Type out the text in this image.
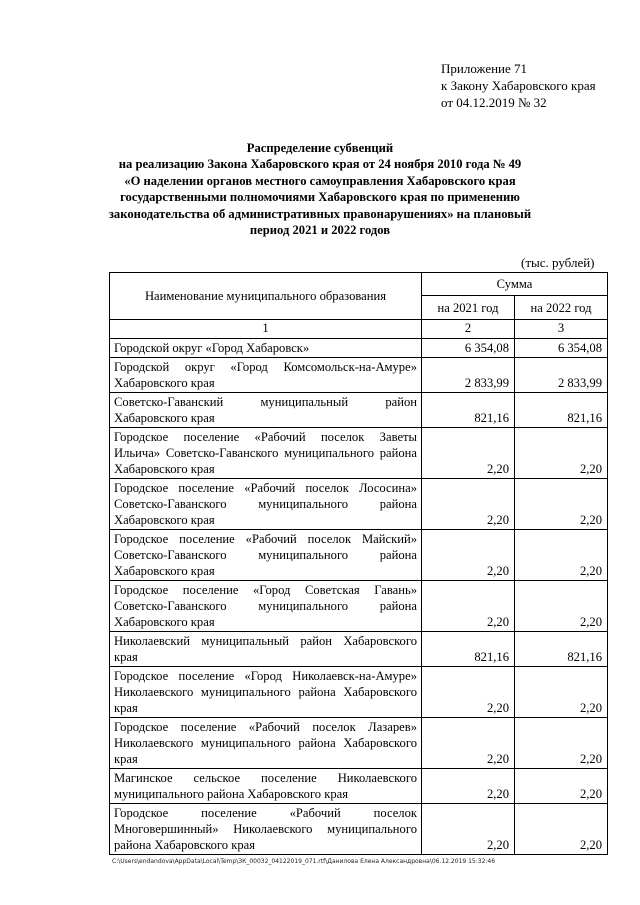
Приложение 71
к Закону Хабаровского края
от 04.12.2019 № 32
Распределение субвенций
на реализацию Закона Хабаровского края от 24 ноября 2010 года № 49
«О наделении органов местного самоуправления Хабаровского края
государственными полномочиями Хабаровского края по применению
законодательства об административных правонарушениях» на плановый
период 2021 и 2022 годов
(тыс. рублей)
Наименование муниципального образования	Сумма	
	на 2021 год	на 2022 год
1	2	3
Городской округ «Город Хабаровск»	6 354,08	6 354,08
Городской округ «Город Комсомольск-на-Амуре» Хабаровского края	2 833,99	2 833,99
Советско-Гаванский муниципальный район Хабаровского края	821,16	821,16
Городское поселение «Рабочий поселок Заветы Ильича» Советско-Гаванского муниципального района Хабаровского края	2,20	2,20
Городское поселение «Рабочий поселок Лососина» Советско-Гаванского муниципального района Хабаровского края	2,20	2,20
Городское поселение «Рабочий поселок Майский» Советско-Гаванского муниципального района Хабаровского края	2,20	2,20
Городское поселение «Город Советская Гавань» Советско-Гаванского муниципального района Хабаровского края	2,20	2,20
Николаевский муниципальный район Хабаровского края	821,16	821,16
Городское поселение «Город Николаевск-на-Амуре» Николаевского муниципального района Хабаровского края	2,20	2,20
Городское поселение «Рабочий поселок Лазарев» Николаевского муниципального района Хабаровского края	2,20	2,20
Магинское сельское поселение Николаевского муниципального района Хабаровского края	2,20	2,20
Городское поселение «Рабочий поселок Многовершинный» Николаевского муниципального района Хабаровского края	2,20	2,20
C:\Users\endandova\AppData\Local\Temp\ЗК_00032_04122019_071.rtf\Данилова Елена Александровна\06.12.2019 15:32:46
